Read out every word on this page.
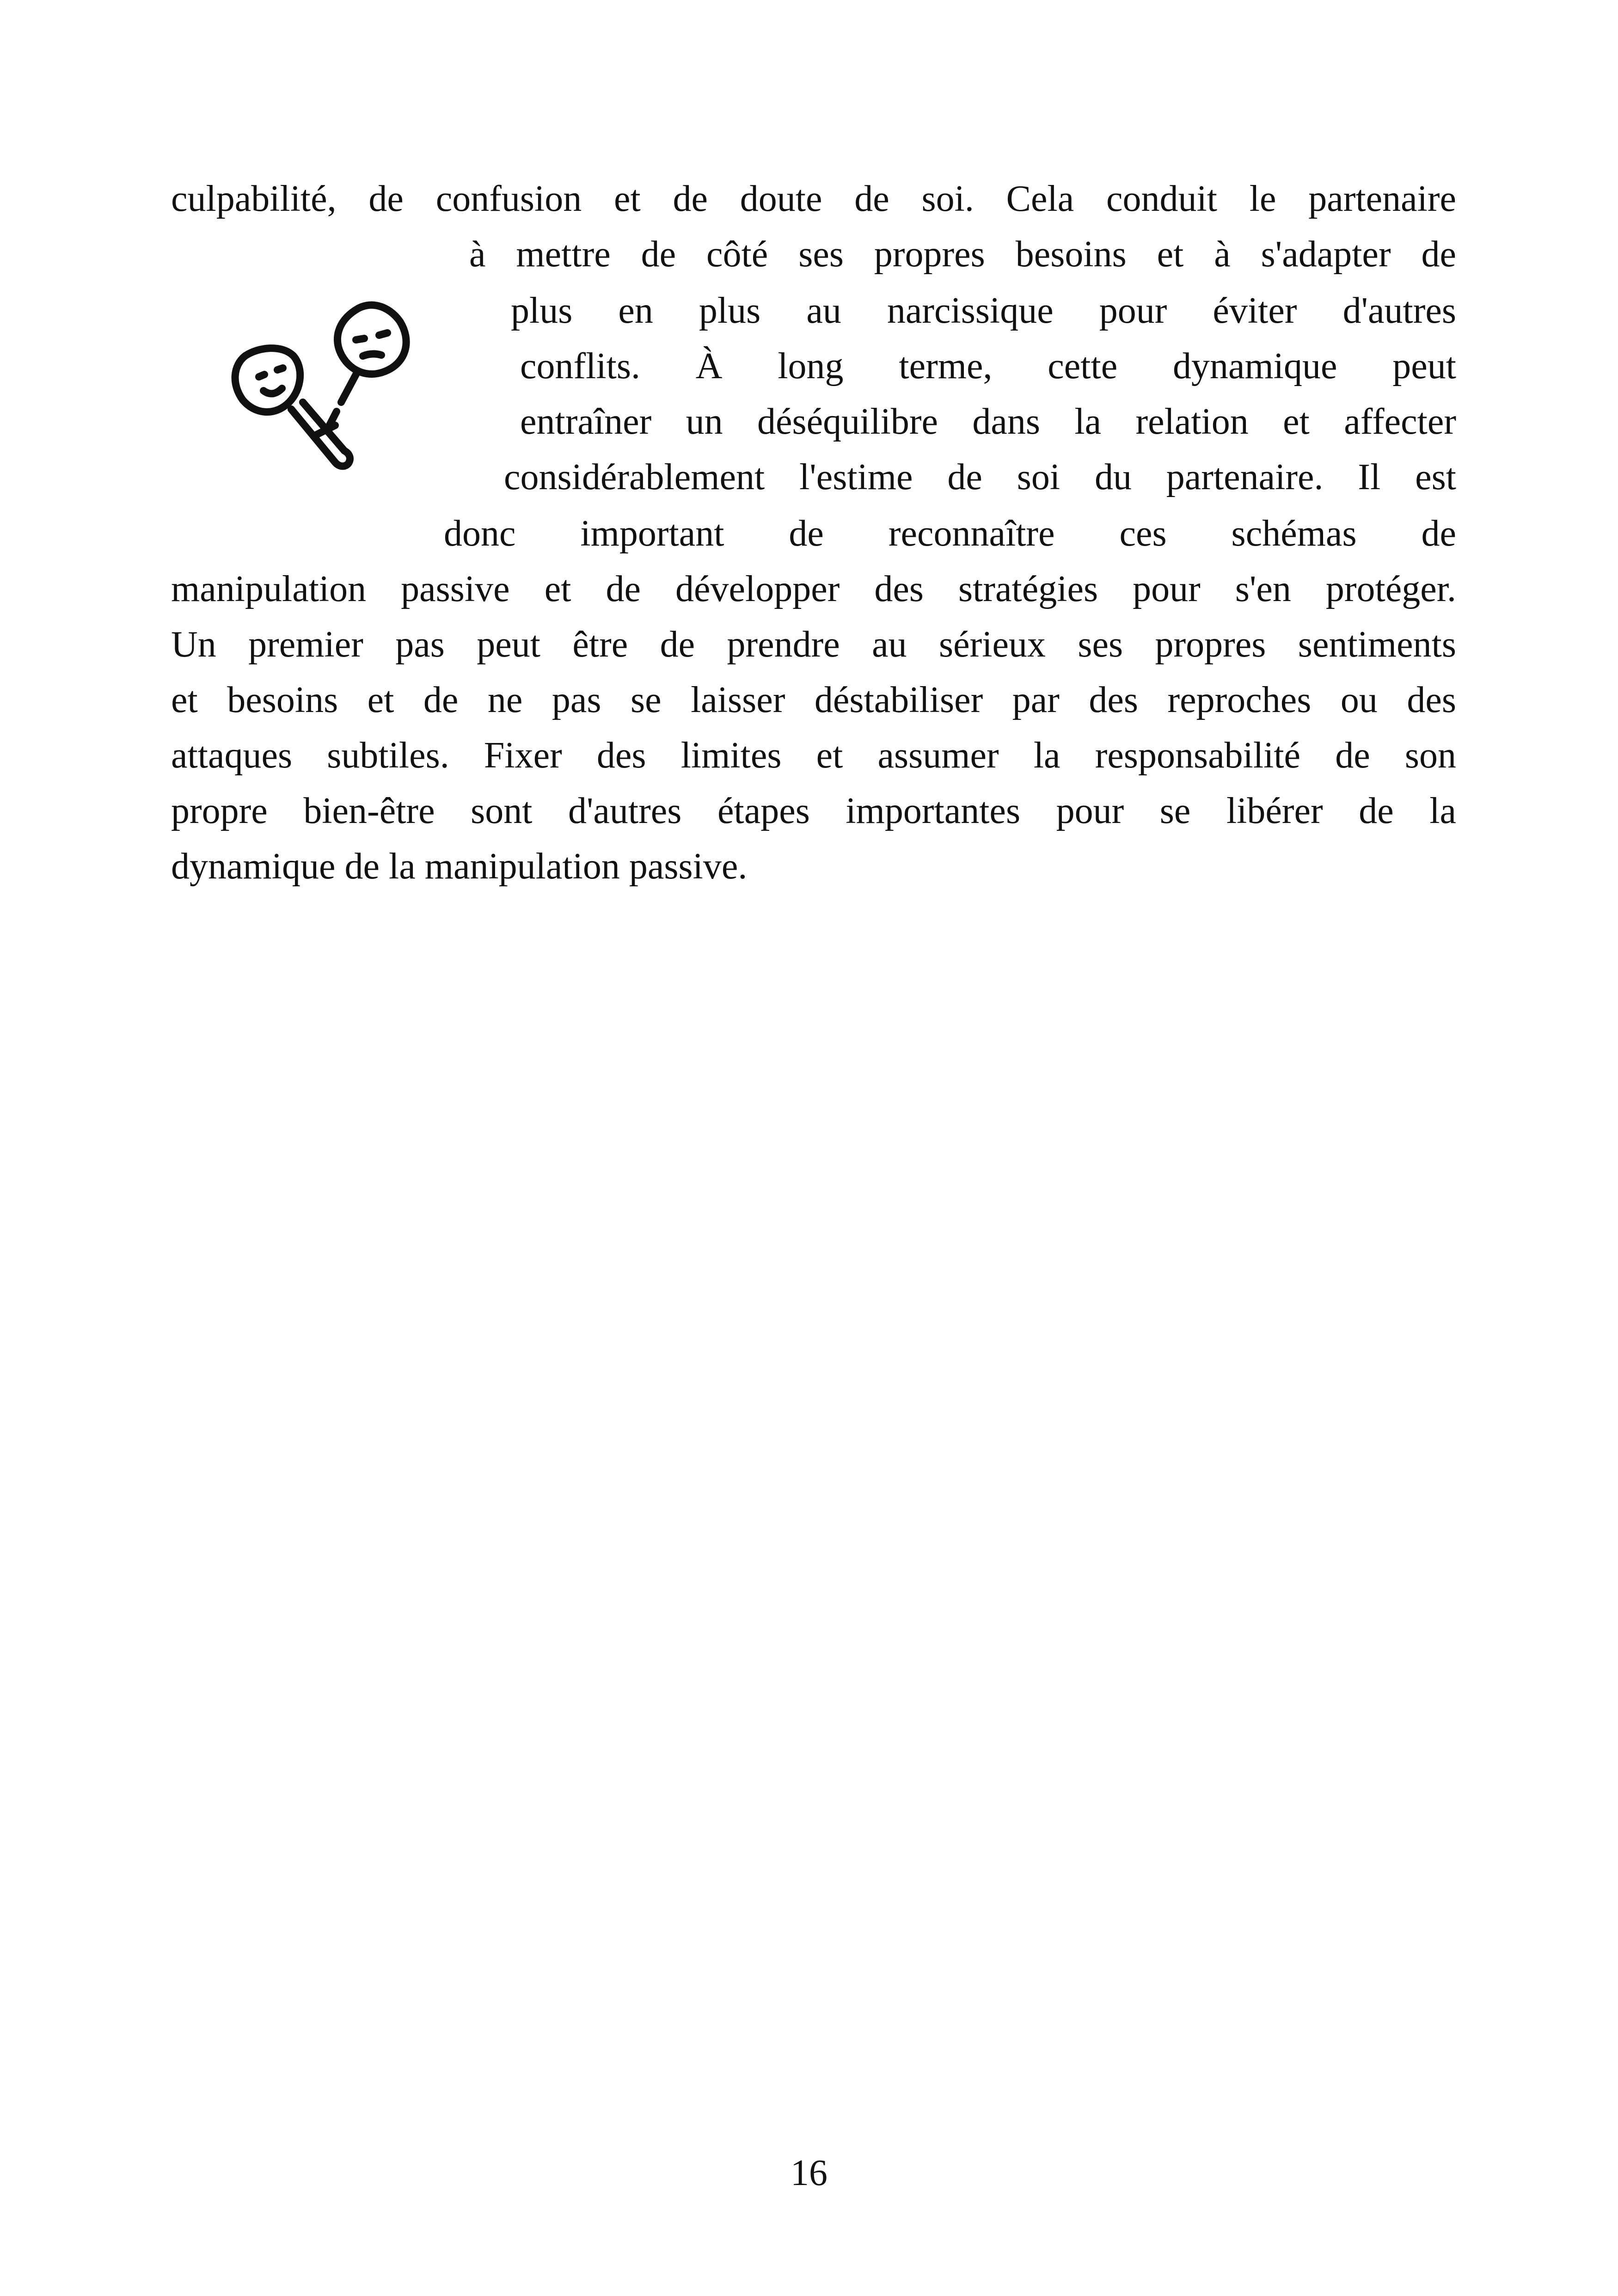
culpabilité, de confusion et de doute de soi. Cela conduit le partenaire
à mettre de côté ses propres besoins et à s'adapter de
plus en plus au narcissique pour éviter d'autres
conflits. À long terme, cette dynamique peut
entraîner un déséquilibre dans la relation et affecter
considérablement l'estime de soi du partenaire. Il est
donc important de reconnaître ces schémas de
manipulation passive et de développer des stratégies pour s'en protéger.
Un premier pas peut être de prendre au sérieux ses propres sentiments
et besoins et de ne pas se laisser déstabiliser par des reproches ou des
attaques subtiles. Fixer des limites et assumer la responsabilité de son
propre bien-être sont d'autres étapes importantes pour se libérer de la
dynamique de la manipulation passive.
16
